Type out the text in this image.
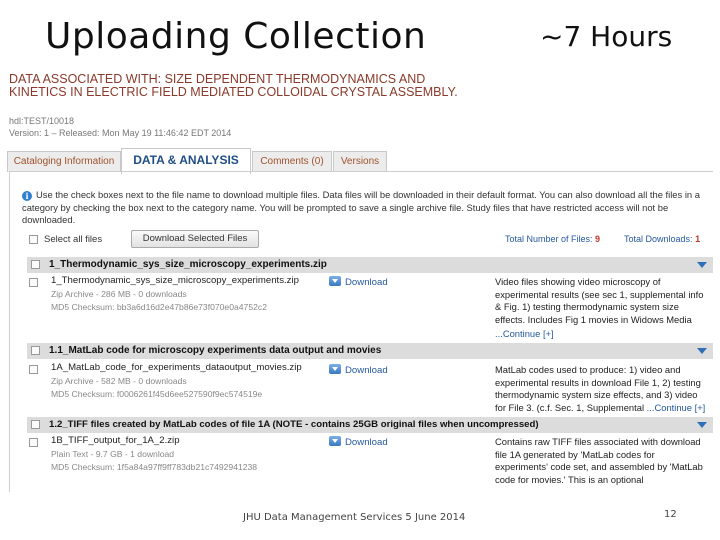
Uploading Collection	~7 Hours
DATA ASSOCIATED WITH: SIZE DEPENDENT THERMODYNAMICS AND KINETICS IN ELECTRIC FIELD MEDIATED COLLOIDAL CRYSTAL ASSEMBLY.
hdl:TEST/10018
Version: 1 – Released: Mon May 19 11:46:42 EDT 2014
Cataloging Information	DATA & ANALYSIS	Comments (0)	Versions
i Use the check boxes next to the file name to download multiple files. Data files will be downloaded in their default format. You can also download all the files in a category by checking the box next to the category name. You will be prompted to save a single archive file. Study files that have restricted access will not be downloaded.
Select all files	Download Selected Files	Total Number of Files: 9	Total Downloads: 1
1_Thermodynamic_sys_size_microscopy_experiments.zip
1_Thermodynamic_sys_size_microscopy_experiments.zip
Zip Archive - 286 MB - 0 downloads
MD5 Checksum: bb3a6d16d2e47b86e73f070e0a4752c2
Download	Video files showing video microscopy of experimental results (see sec 1, supplemental info & Fig. 1) testing thermodynamic system size effects. Includes Fig 1 movies in Widows Media
...Continue [+]
1.1_MatLab code for microscopy experiments data output and movies
1A_MatLab_code_for_experiments_dataoutput_movies.zip
Zip Archive - 582 MB - 0 downloads
MD5 Checksum: f0006261f45d6ee527590f9ec574519e
Download	MatLab codes used to produce: 1) video and experimental results in download File 1, 2) testing thermodynamic system size effects, and 3) video for File 3. (c.f. Sec. 1, Supplemental ...Continue [+]
1.2_TIFF files created by MatLab codes of file 1A (NOTE - contains 25GB original files when uncompressed)
1B_TIFF_output_for_1A_2.zip
Plain Text - 9.7 GB - 1 download
MD5 Checksum: 1f5a84a97ff9ff783db21c7492941238
Download	Contains raw TIFF files associated with download file 1A generated by 'MatLab codes for experiments' code set, and assembled by 'MatLab code for movies.' This is an optional
JHU Data Management Services 5 June 2014	12
